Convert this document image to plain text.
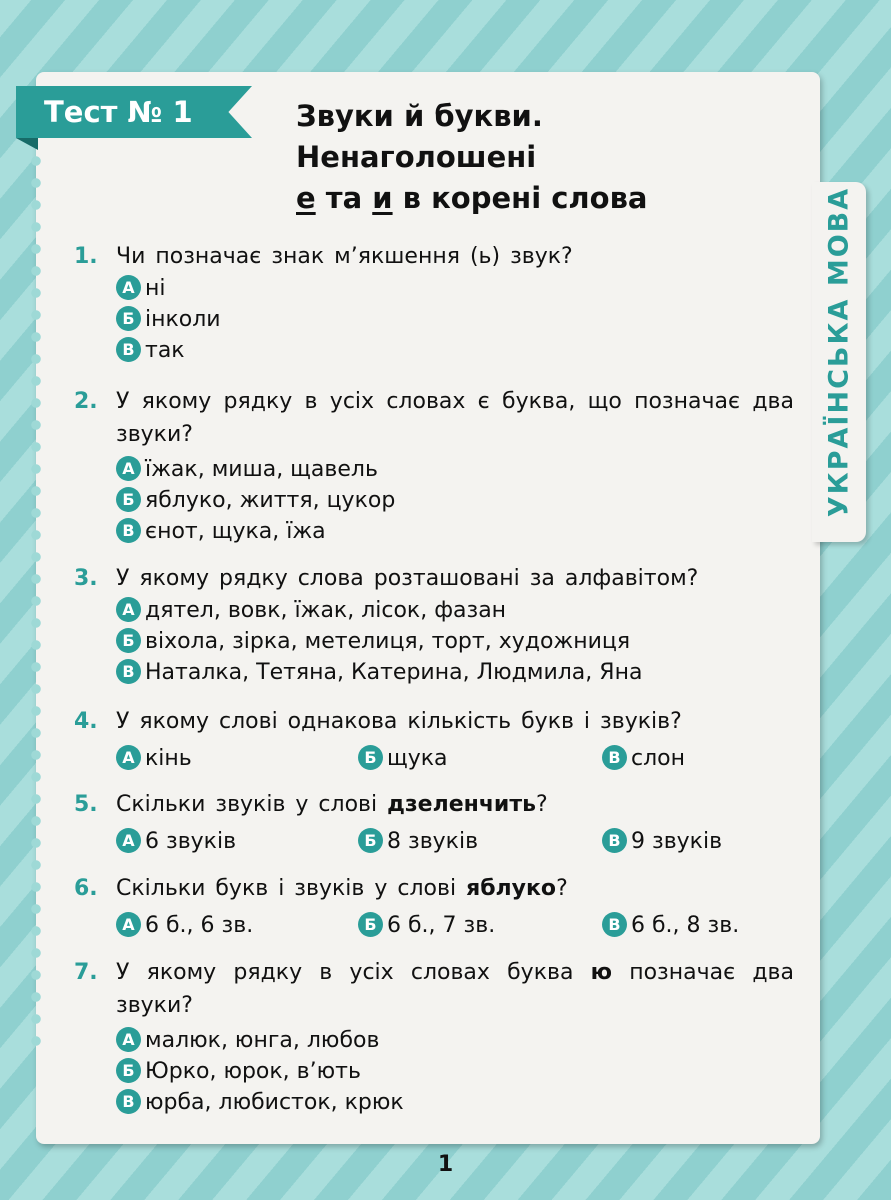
УКРАЇНСЬКА МОВА
Тест № 1	Звуки й букви.
Ненаголошені
е та и в корені слова
1. Чи позначає знак м’якшення (ь) звук?
А ні
Б інколи
В так
2. У якому рядку в усіх словах є буква, що позначає два звуки?
А їжак, миша, щавель
Б яблуко, життя, цукор
В єнот, щука, їжа
3. У якому рядку слова розташовані за алфавітом?
А дятел, вовк, їжак, лісок, фазан
Б віхола, зірка, метелиця, торт, художниця
В Наталка, Тетяна, Катерина, Людмила, Яна
4. У якому слові однакова кількість букв і звуків?
А кінь	Б щука	В слон
5. Скільки звуків у слові дзеленчить?
А 6 звуків	Б 8 звуків	В 9 звуків
6. Скільки букв і звуків у слові яблуко?
А 6 б., 6 зв.	Б 6 б., 7 зв.	В 6 б., 8 зв.
7. У якому рядку в усіх словах буква ю позначає два звуки?
А малюк, юнга, любов
Б Юрко, юрок, в’ють
В юрба, любисток, крюк
1
